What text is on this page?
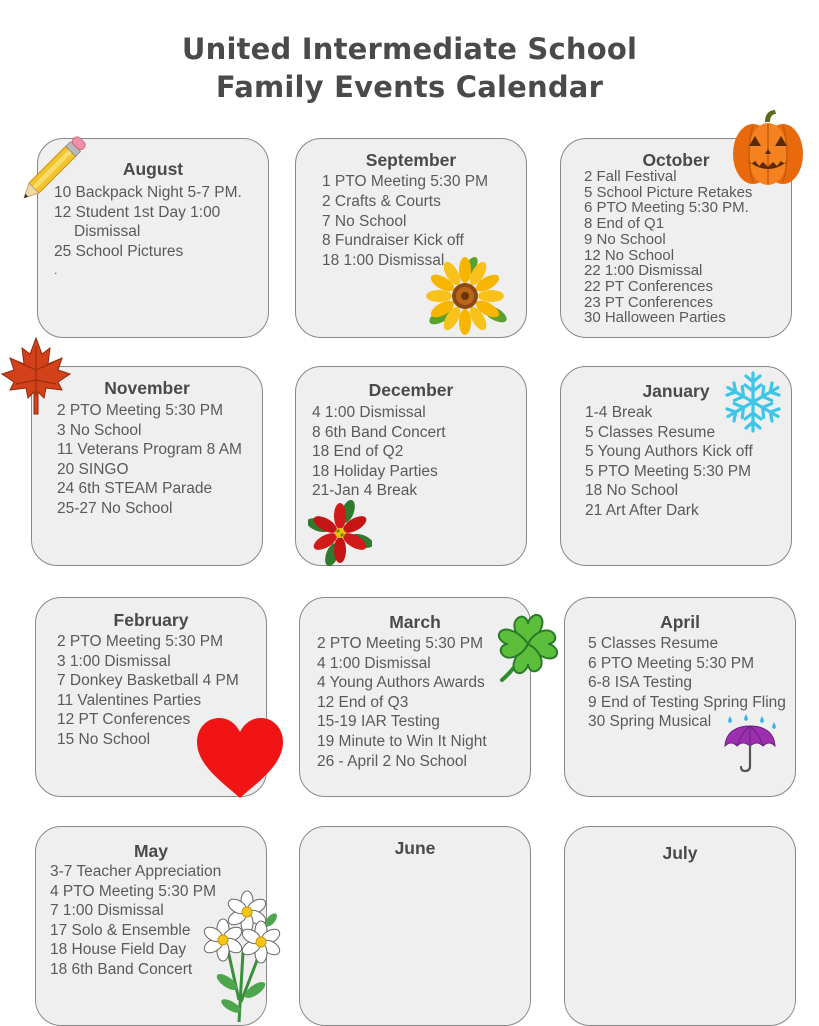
United Intermediate School
Family Events Calendar
August
10 Backpack Night 5-7 PM.
12 Student 1st Day 1:00 Dismissal
25 School Pictures
.
September
1 PTO Meeting 5:30 PM
2 Crafts & Courts
7 No School
8 Fundraiser Kick off
18 1:00 Dismissal
October
2 Fall Festival
5 School Picture Retakes
6 PTO Meeting 5:30 PM.
8 End of Q1
9 No School
12 No School
22 1:00 Dismissal
22 PT Conferences
23 PT Conferences
30 Halloween Parties
November
2 PTO Meeting 5:30 PM
3 No School
11 Veterans Program 8 AM
20 SINGO
24 6th STEAM Parade
25-27 No School
December
4 1:00 Dismissal
8 6th Band Concert
18 End of Q2
18 Holiday Parties
21-Jan 4 Break
January
1-4 Break
5 Classes Resume
5 Young Authors Kick off
5 PTO Meeting 5:30 PM
18 No School
21 Art After Dark
February
2 PTO Meeting 5:30 PM
3 1:00 Dismissal
7 Donkey Basketball 4 PM
11 Valentines Parties
12 PT Conferences
15 No School
March
2 PTO Meeting 5:30 PM
4 1:00 Dismissal
4 Young Authors Awards
12 End of Q3
15-19 IAR Testing
19 Minute to Win It Night
26 - April 2 No School
April
5 Classes Resume
6 PTO Meeting 5:30 PM
6-8 ISA Testing
9 End of Testing Spring Fling
30 Spring Musical
May
3-7 Teacher Appreciation
4 PTO Meeting 5:30 PM
7 1:00 Dismissal
17 Solo & Ensemble
18 House Field Day
18 6th Band Concert
June	July
